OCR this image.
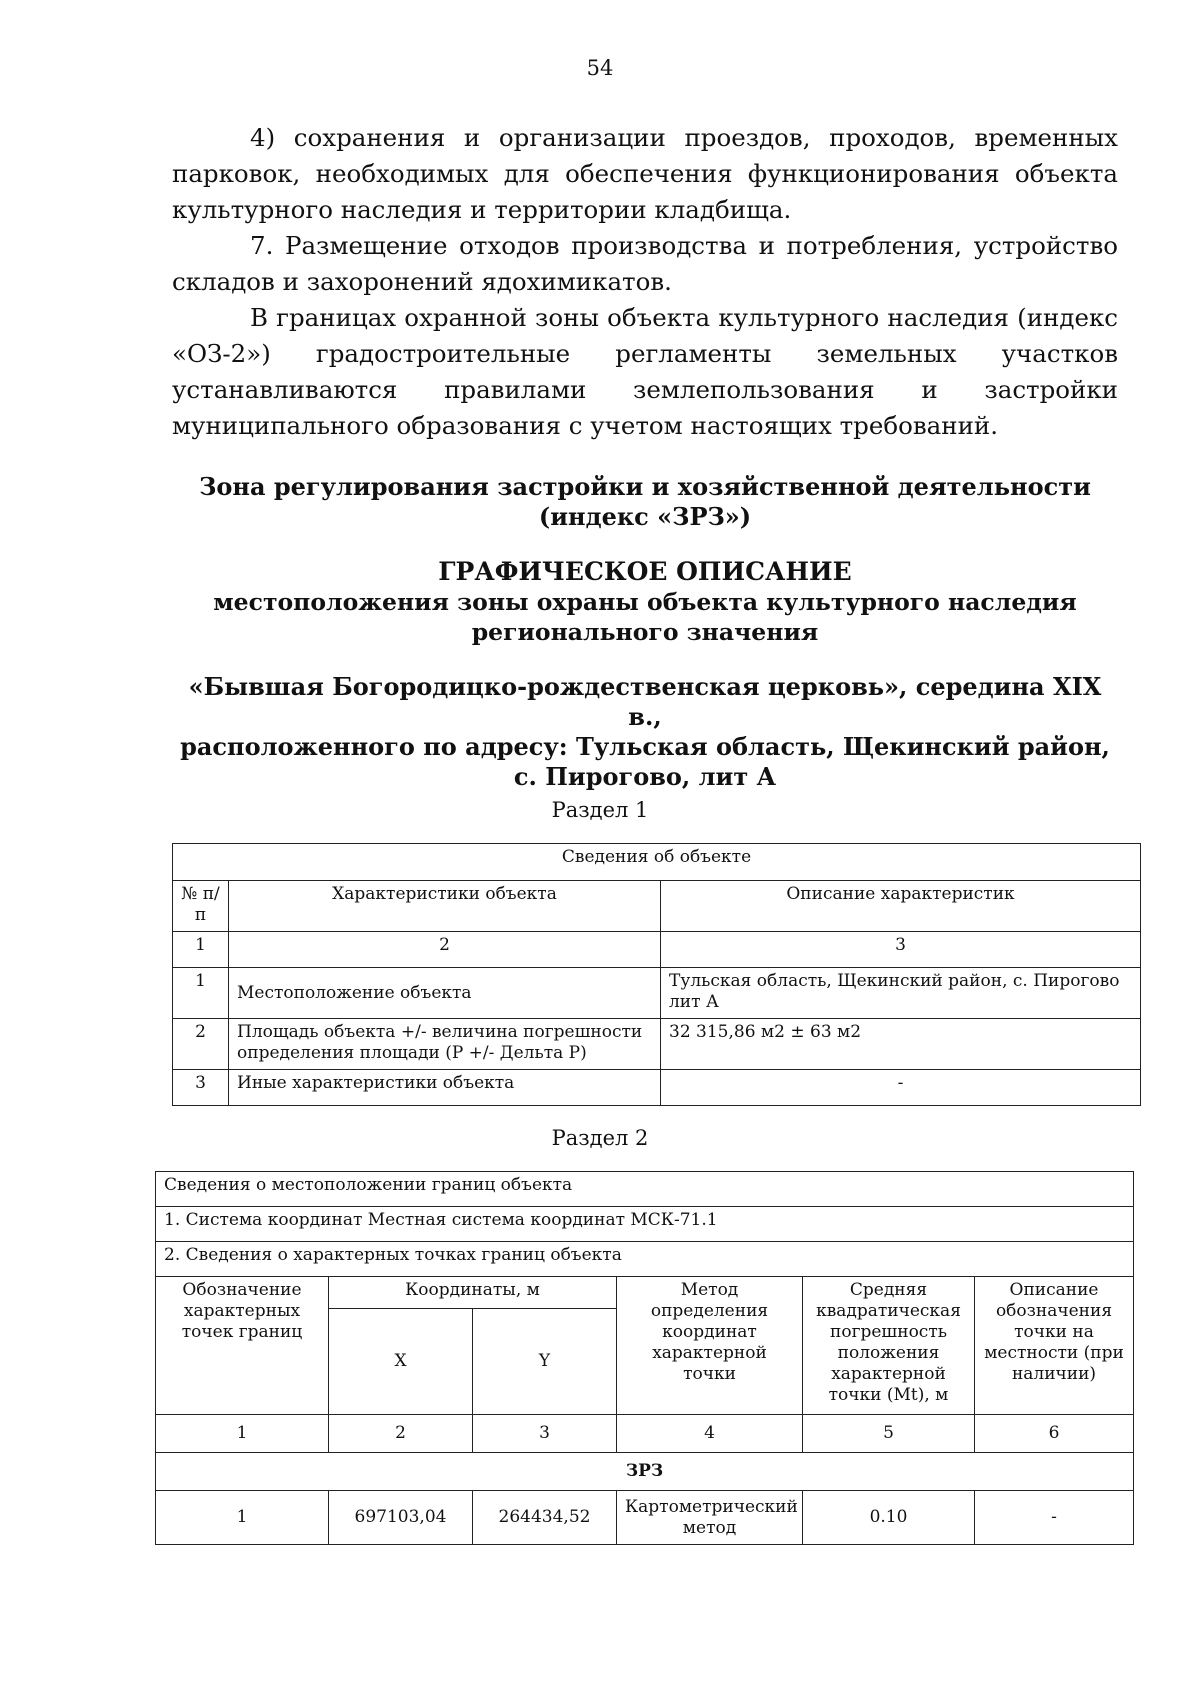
54

4) сохранения и организации проездов, проходов, временных парковок, необходимых для обеспечения функционирования объекта культурного наследия и территории кладбища.

7. Размещение отходов производства и потребления, устройство складов и захоронений ядохимикатов.

В границах охранной зоны объекта культурного наследия (индекс «ОЗ-2») градостроительные регламенты земельных участков устанавливаются правилами землепользования и застройки муниципального образования с учетом настоящих требований.

Зона регулирования застройки и хозяйственной деятельности
(индекс «ЗРЗ»)
ГРАФИЧЕСКОЕ ОПИСАНИЕ
местоположения зоны охраны объекта культурного наследия
регионального значения
«Бывшая Богородицко-рождественская церковь», середина XIX в.,
расположенного по адресу: Тульская область, Щекинский район,
с. Пирогово, лит А
Раздел 1
Сведения об объекте		
№ п/п	Характеристики объекта	Описание характеристик
1	2	3
1	Местоположение объекта	Тульская область, Щекинский район, с. Пирогово лит А
2	Площадь объекта +/- величина погрешности определения площади (P +/- Дельта P)	32 315,86 м2 ± 63 м2
3	Иные характеристики объекта	-
Раздел 2
Сведения о местоположении границ объекта					
1. Система координат Местная система координат МСК-71.1					
2. Сведения о характерных точках границ объекта					
Обозначение характерных точек границ	Координаты, м		Метод определения координат характерной точки	Средняя квадратическая погрешность положения характерной точки (Mt), м	Описание обозначения точки на местности (при наличии)
	X	Y			
1	2	3	4	5	6
ЗРЗ					
1	697103,04	264434,52	Картометрический метод	0.10	-
